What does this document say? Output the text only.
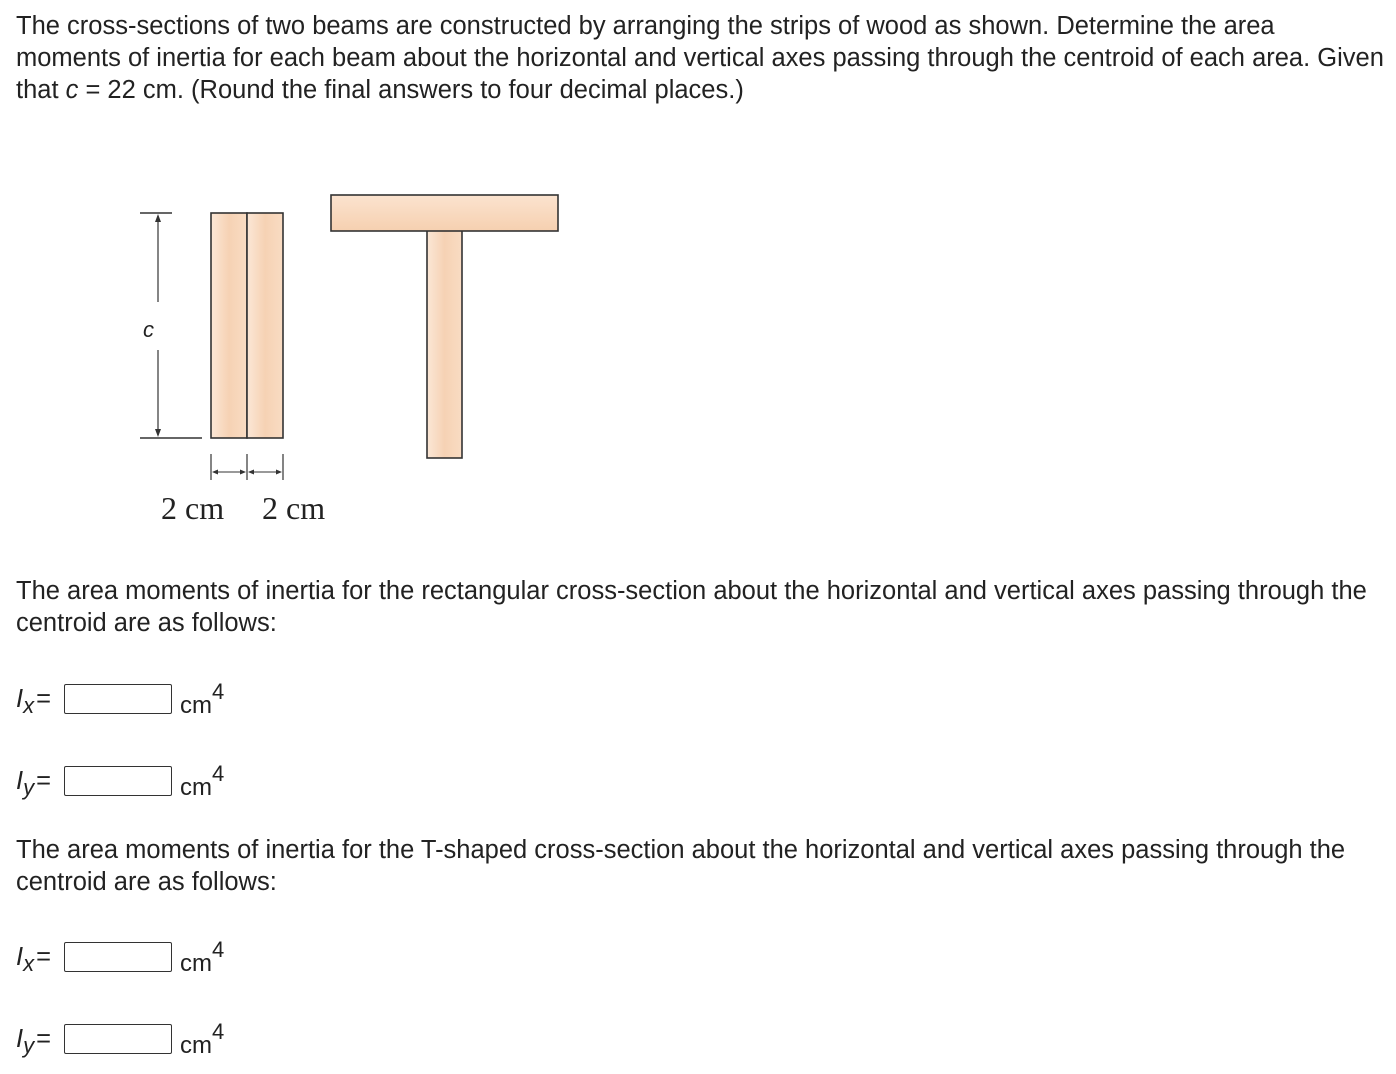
The cross-sections of two beams are constructed by arranging the strips of wood as shown. Determine the area moments of inertia for each beam about the horizontal and vertical axes passing through the centroid of each area. Given that c = 22 cm. (Round the final answers to four decimal places.)
c
2 cm 2 cm
The area moments of inertia for the rectangular cross-section about the horizontal and vertical axes passing through the centroid are as follows:
I x =	$cm^4$
I y =	$cm^4$
The area moments of inertia for the T-shaped cross-section about the horizontal and vertical axes passing through the centroid are as follows:
I x =	$cm^4$
I y =	$cm^4$
